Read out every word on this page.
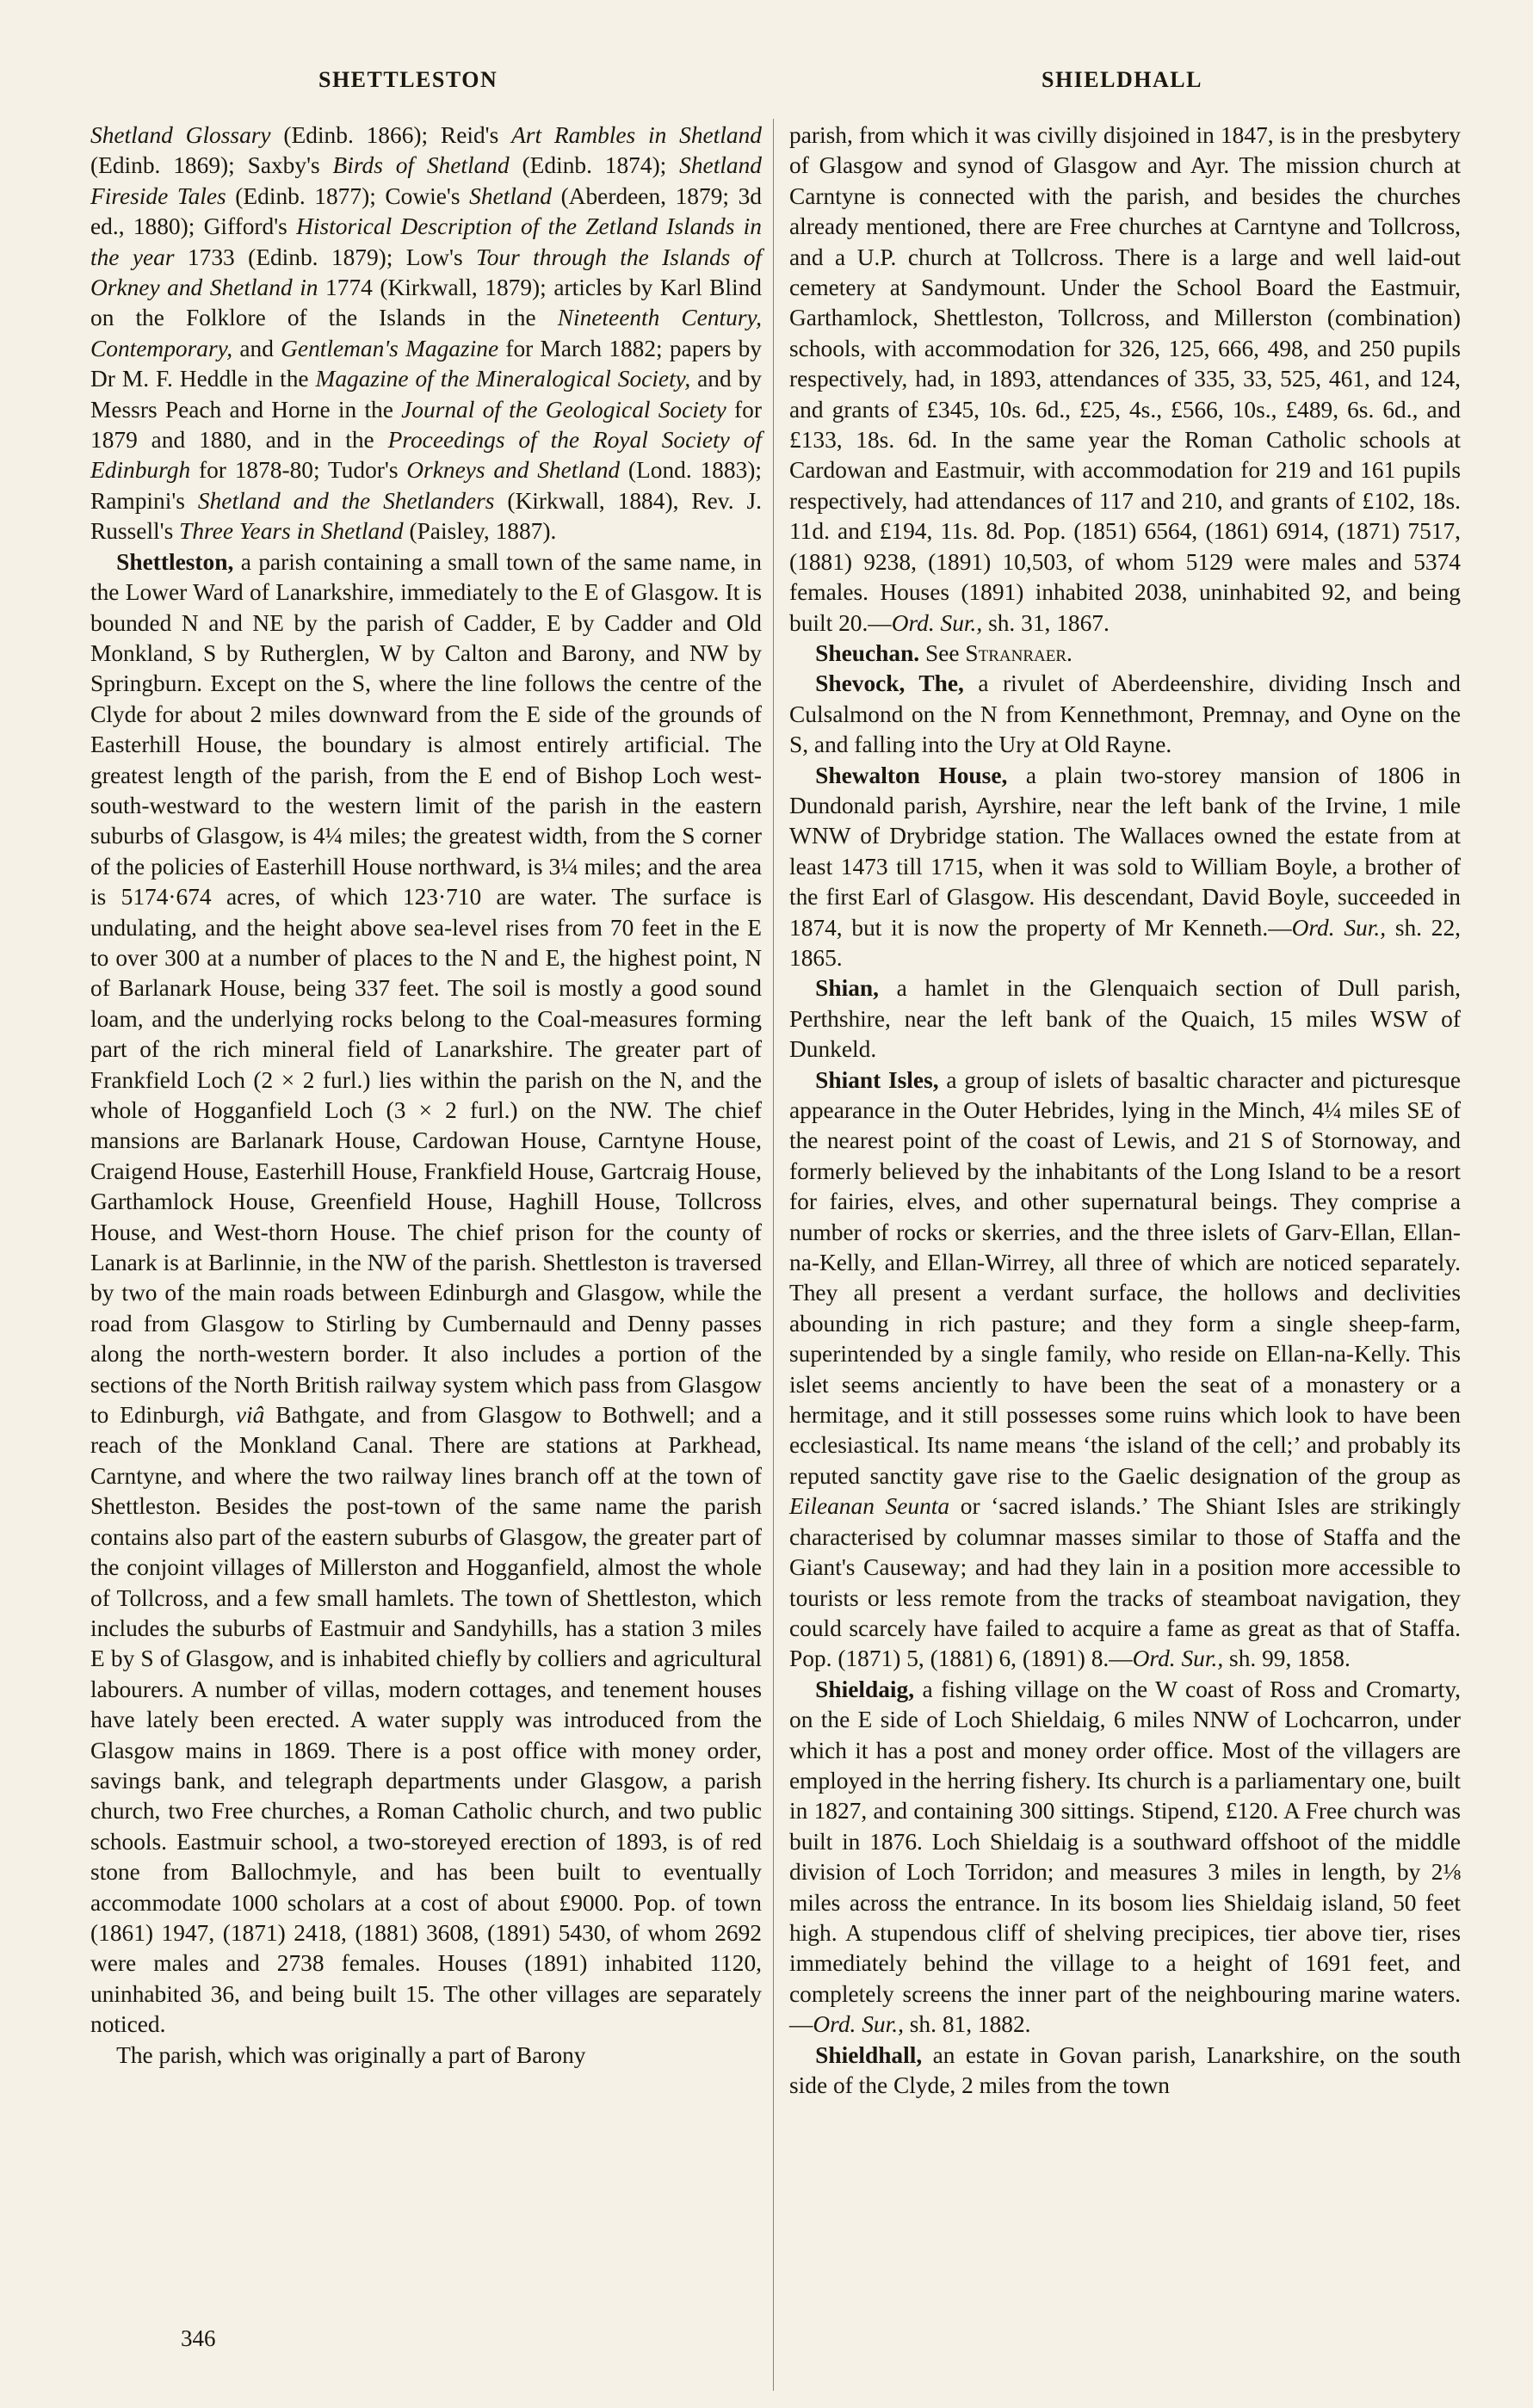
SHETTLESTON	SHIELDHALL

Shetland Glossary (Edinb. 1866); Reid's Art Rambles in Shetland (Edinb. 1869); Saxby's Birds of Shetland (Edinb. 1874); Shetland Fireside Tales (Edinb. 1877); Cowie's Shetland (Aberdeen, 1879; 3d ed., 1880); Gifford's Historical Description of the Zetland Islands in the year 1733 (Edinb. 1879); Low's Tour through the Islands of Orkney and Shetland in 1774 (Kirkwall, 1879); articles by Karl Blind on the Folklore of the Islands in the Nineteenth Century, Contemporary, and Gentleman's Magazine for March 1882; papers by Dr M. F. Heddle in the Magazine of the Mineralogical Society, and by Messrs Peach and Horne in the Journal of the Geological Society for 1879 and 1880, and in the Proceedings of the Royal Society of Edinburgh for 1878-80; Tudor's Orkneys and Shetland (Lond. 1883); Rampini's Shetland and the Shetlanders (Kirkwall, 1884), Rev. J. Russell's Three Years in Shetland (Paisley, 1887).

Shettleston, a parish containing a small town of the same name, in the Lower Ward of Lanarkshire, immediately to the E of Glasgow. It is bounded N and NE by the parish of Cadder, E by Cadder and Old Monkland, S by Rutherglen, W by Calton and Barony, and NW by Springburn. Except on the S, where the line follows the centre of the Clyde for about 2 miles downward from the E side of the grounds of Easterhill House, the boundary is almost entirely artificial. The greatest length of the parish, from the E end of Bishop Loch west-south-westward to the western limit of the parish in the eastern suburbs of Glasgow, is 4¼ miles; the greatest width, from the S corner of the policies of Easterhill House northward, is 3¼ miles; and the area is 5174·674 acres, of which 123·710 are water. The surface is undulating, and the height above sea-level rises from 70 feet in the E to over 300 at a number of places to the N and E, the highest point, N of Barlanark House, being 337 feet. The soil is mostly a good sound loam, and the underlying rocks belong to the Coal-measures forming part of the rich mineral field of Lanarkshire. The greater part of Frankfield Loch (2 × 2 furl.) lies within the parish on the N, and the whole of Hogganfield Loch (3 × 2 furl.) on the NW. The chief mansions are Barlanark House, Cardowan House, Carntyne House, Craigend House, Easterhill House, Frankfield House, Gartcraig House, Garthamlock House, Greenfield House, Haghill House, Tollcross House, and West-thorn House. The chief prison for the county of Lanark is at Barlinnie, in the NW of the parish. Shettleston is traversed by two of the main roads between Edinburgh and Glasgow, while the road from Glasgow to Stirling by Cumbernauld and Denny passes along the north-western border. It also includes a portion of the sections of the North British railway system which pass from Glasgow to Edinburgh, viâ Bathgate, and from Glasgow to Bothwell; and a reach of the Monkland Canal. There are stations at Parkhead, Carntyne, and where the two railway lines branch off at the town of Shettleston. Besides the post-town of the same name the parish contains also part of the eastern suburbs of Glasgow, the greater part of the conjoint villages of Millerston and Hogganfield, almost the whole of Tollcross, and a few small hamlets. The town of Shettleston, which includes the suburbs of Eastmuir and Sandyhills, has a station 3 miles E by S of Glasgow, and is inhabited chiefly by colliers and agricultural labourers. A number of villas, modern cottages, and tenement houses have lately been erected. A water supply was introduced from the Glasgow mains in 1869. There is a post office with money order, savings bank, and telegraph departments under Glasgow, a parish church, two Free churches, a Roman Catholic church, and two public schools. Eastmuir school, a two-storeyed erection of 1893, is of red stone from Ballochmyle, and has been built to eventually accommodate 1000 scholars at a cost of about £9000. Pop. of town (1861) 1947, (1871) 2418, (1881) 3608, (1891) 5430, of whom 2692 were males and 2738 females. Houses (1891) inhabited 1120, uninhabited 36, and being built 15. The other villages are separately noticed.

The parish, which was originally a part of Barony

parish, from which it was civilly disjoined in 1847, is in the presbytery of Glasgow and synod of Glasgow and Ayr. The mission church at Carntyne is connected with the parish, and besides the churches already mentioned, there are Free churches at Carntyne and Tollcross, and a U.P. church at Tollcross. There is a large and well laid-out cemetery at Sandymount. Under the School Board the Eastmuir, Garthamlock, Shettleston, Tollcross, and Millerston (combination) schools, with accommodation for 326, 125, 666, 498, and 250 pupils respectively, had, in 1893, attendances of 335, 33, 525, 461, and 124, and grants of £345, 10s. 6d., £25, 4s., £566, 10s., £489, 6s. 6d., and £133, 18s. 6d. In the same year the Roman Catholic schools at Cardowan and Eastmuir, with accommodation for 219 and 161 pupils respectively, had attendances of 117 and 210, and grants of £102, 18s. 11d. and £194, 11s. 8d. Pop. (1851) 6564, (1861) 6914, (1871) 7517, (1881) 9238, (1891) 10,503, of whom 5129 were males and 5374 females. Houses (1891) inhabited 2038, uninhabited 92, and being built 20.—Ord. Sur., sh. 31, 1867.

Sheuchan. See Stranraer.

Shevock, The, a rivulet of Aberdeenshire, dividing Insch and Culsalmond on the N from Kennethmont, Premnay, and Oyne on the S, and falling into the Ury at Old Rayne.

Shewalton House, a plain two-storey mansion of 1806 in Dundonald parish, Ayrshire, near the left bank of the Irvine, 1 mile WNW of Drybridge station. The Wallaces owned the estate from at least 1473 till 1715, when it was sold to William Boyle, a brother of the first Earl of Glasgow. His descendant, David Boyle, succeeded in 1874, but it is now the property of Mr Kenneth.—Ord. Sur., sh. 22, 1865.

Shian, a hamlet in the Glenquaich section of Dull parish, Perthshire, near the left bank of the Quaich, 15 miles WSW of Dunkeld.

Shiant Isles, a group of islets of basaltic character and picturesque appearance in the Outer Hebrides, lying in the Minch, 4¼ miles SE of the nearest point of the coast of Lewis, and 21 S of Stornoway, and formerly believed by the inhabitants of the Long Island to be a resort for fairies, elves, and other supernatural beings. They comprise a number of rocks or skerries, and the three islets of Garv-Ellan, Ellan-na-Kelly, and Ellan-Wirrey, all three of which are noticed separately. They all present a verdant surface, the hollows and declivities abounding in rich pasture; and they form a single sheep-farm, superintended by a single family, who reside on Ellan-na-Kelly. This islet seems anciently to have been the seat of a monastery or a hermitage, and it still possesses some ruins which look to have been ecclesiastical. Its name means ‘the island of the cell;’ and probably its reputed sanctity gave rise to the Gaelic designation of the group as Eileanan Seunta or ‘sacred islands.’ The Shiant Isles are strikingly characterised by columnar masses similar to those of Staffa and the Giant's Causeway; and had they lain in a position more accessible to tourists or less remote from the tracks of steamboat navigation, they could scarcely have failed to acquire a fame as great as that of Staffa. Pop. (1871) 5, (1881) 6, (1891) 8.—Ord. Sur., sh. 99, 1858.

Shieldaig, a fishing village on the W coast of Ross and Cromarty, on the E side of Loch Shieldaig, 6 miles NNW of Lochcarron, under which it has a post and money order office. Most of the villagers are employed in the herring fishery. Its church is a parliamentary one, built in 1827, and containing 300 sittings. Stipend, £120. A Free church was built in 1876. Loch Shieldaig is a southward offshoot of the middle division of Loch Torridon; and measures 3 miles in length, by 2⅛ miles across the entrance. In its bosom lies Shieldaig island, 50 feet high. A stupendous cliff of shelving precipices, tier above tier, rises immediately behind the village to a height of 1691 feet, and completely screens the inner part of the neighbouring marine waters.—Ord. Sur., sh. 81, 1882.

Shieldhall, an estate in Govan parish, Lanarkshire, on the south side of the Clyde, 2 miles from the town

346
